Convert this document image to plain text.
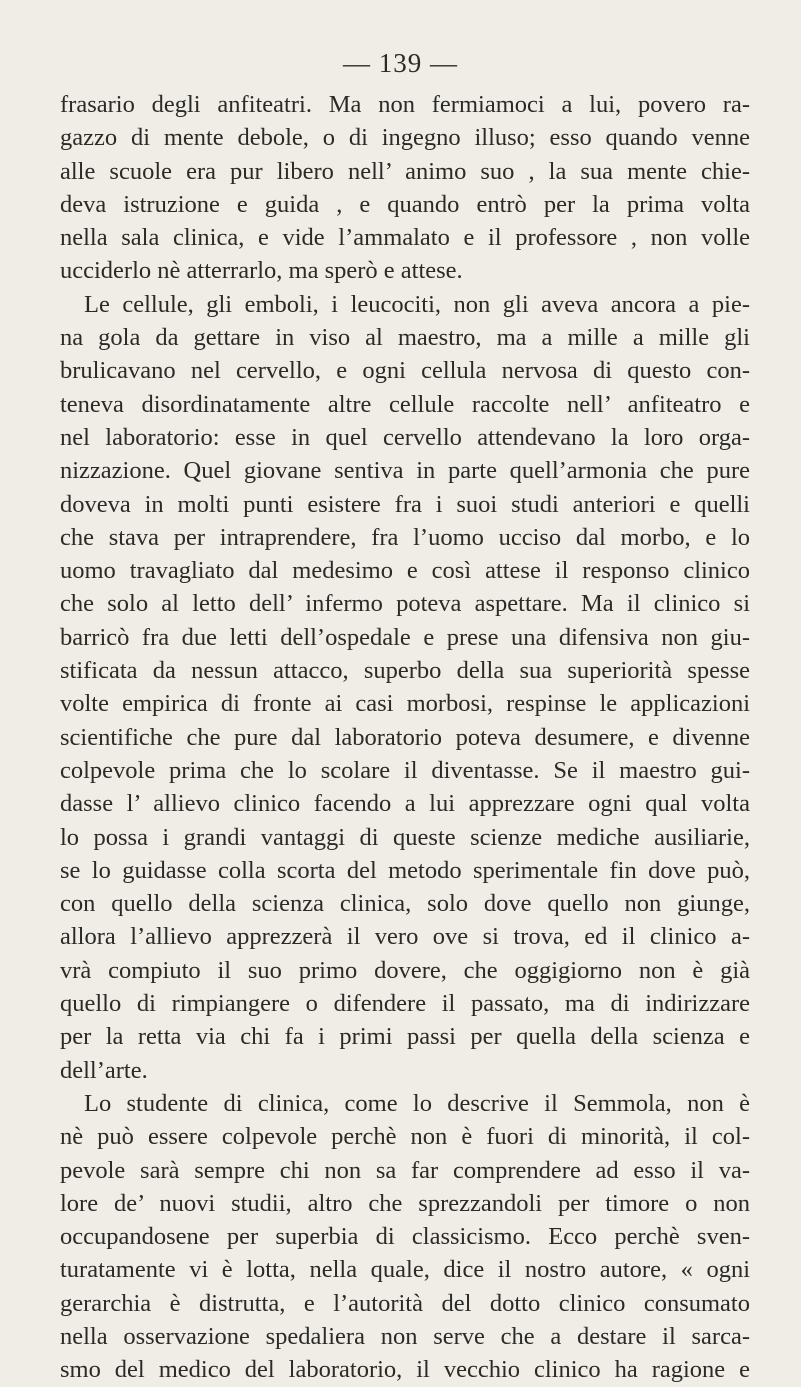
— 139 —
frasario degli anfiteatri. Ma non fermiamoci a lui, povero ra-
gazzo di mente debole, o di ingegno illuso; esso quando venne
alle scuole era pur libero nell’ animo suo , la sua mente chie-
deva istruzione e guida , e quando entrò per la prima volta
nella sala clinica, e vide l’ammalato e il professore , non volle
ucciderlo nè atterrarlo, ma sperò e attese.
Le cellule, gli emboli, i leucociti, non gli aveva ancora a pie-
na gola da gettare in viso al maestro, ma a mille a mille gli
brulicavano nel cervello, e ogni cellula nervosa di questo con-
teneva disordinatamente altre cellule raccolte nell’ anfiteatro e
nel laboratorio: esse in quel cervello attendevano la loro orga-
nizzazione. Quel giovane sentiva in parte quell’armonia che pure
doveva in molti punti esistere fra i suoi studi anteriori e quelli
che stava per intraprendere, fra l’uomo ucciso dal morbo, e lo
uomo travagliato dal medesimo e così attese il responso clinico
che solo al letto dell’ infermo poteva aspettare. Ma il clinico si
barricò fra due letti dell’ospedale e prese una difensiva non giu-
stificata da nessun attacco, superbo della sua superiorità spesse
volte empirica di fronte ai casi morbosi, respinse le applicazioni
scientifiche che pure dal laboratorio poteva desumere, e divenne
colpevole prima che lo scolare il diventasse. Se il maestro gui-
dasse l’ allievo clinico facendo a lui apprezzare ogni qual volta
lo possa i grandi vantaggi di queste scienze mediche ausiliarie,
se lo guidasse colla scorta del metodo sperimentale fin dove può,
con quello della scienza clinica, solo dove quello non giunge,
allora l’allievo apprezzerà il vero ove si trova, ed il clinico a-
vrà compiuto il suo primo dovere, che oggigiorno non è già
quello di rimpiangere o difendere il passato, ma di indirizzare
per la retta via chi fa i primi passi per quella della scienza e
dell’arte.
Lo studente di clinica, come lo descrive il Semmola, non è
nè può essere colpevole perchè non è fuori di minorità, il col-
pevole sarà sempre chi non sa far comprendere ad esso il va-
lore de’ nuovi studii, altro che sprezzandoli per timore o non
occupandosene per superbia di classicismo. Ecco perchè sven-
turatamente vi è lotta, nella quale, dice il nostro autore, « ogni
gerarchia è distrutta, e l’autorità del dotto clinico consumato
nella osservazione spedaliera non serve che a destare il sarca-
smo del medico del laboratorio, il vecchio clinico ha ragione e
